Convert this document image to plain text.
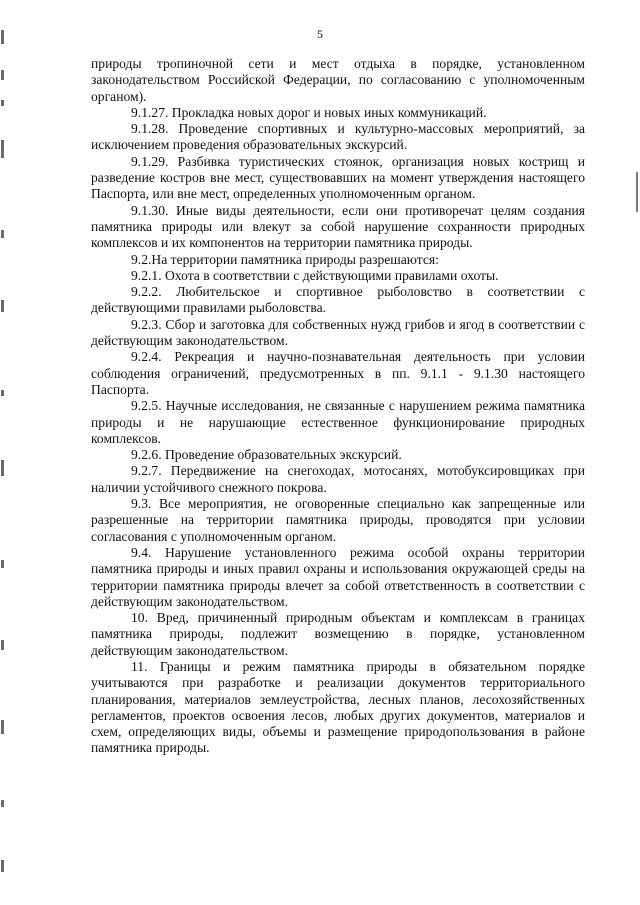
5

природы тропиночной сети и мест отдыха в порядке, установленном законодательством Российской Федерации, по согласованию с уполномоченным органом).

9.1.27. Прокладка новых дорог и новых иных коммуникаций.

9.1.28. Проведение спортивных и культурно-массовых мероприятий, за исключением проведения образовательных экскурсий.

9.1.29. Разбивка туристических стоянок, организация новых кострищ и разведение костров вне мест, существовавших на момент утверждения настоящего Паспорта, или вне мест, определенных уполномоченным органом.

9.1.30. Иные виды деятельности, если они противоречат целям создания памятника природы или влекут за собой нарушение сохранности природных комплексов и их компонентов на территории памятника природы.

9.2.На территории памятника природы разрешаются:

9.2.1. Охота в соответствии с действующими правилами охоты.

9.2.2. Любительское и спортивное рыболовство в соответствии с действующими правилами рыболовства.

9.2.3. Сбор и заготовка для собственных нужд грибов и ягод в соответствии с действующим законодательством.

9.2.4. Рекреация и научно-познавательная деятельность при условии соблюдения ограничений, предусмотренных в пп. 9.1.1 - 9.1.30 настоящего Паспорта.

9.2.5. Научные исследования, не связанные с нарушением режима памятника природы и не нарушающие естественное функционирование природных комплексов.

9.2.6. Проведение образовательных экскурсий.

9.2.7. Передвижение на снегоходах, мотосанях, мотобуксировщиках при наличии устойчивого снежного покрова.

9.3. Все мероприятия, не оговоренные специально как запрещенные или разрешенные на территории памятника природы, проводятся при условии согласования с уполномоченным органом.

9.4. Нарушение установленного режима особой охраны территории памятника природы и иных правил охраны и использования окружающей среды на территории памятника природы влечет за собой ответственность в соответствии с действующим законодательством.

10. Вред, причиненный природным объектам и комплексам в границах памятника природы, подлежит возмещению в порядке, установленном действующим законодательством.

11. Границы и режим памятника природы в обязательном порядке учитываются при разработке и реализации документов территориального планирования, материалов землеустройства, лесных планов, лесохозяйственных регламентов, проектов освоения лесов, любых других документов, материалов и схем, определяющих виды, объемы и размещение природопользования в районе памятника природы.
